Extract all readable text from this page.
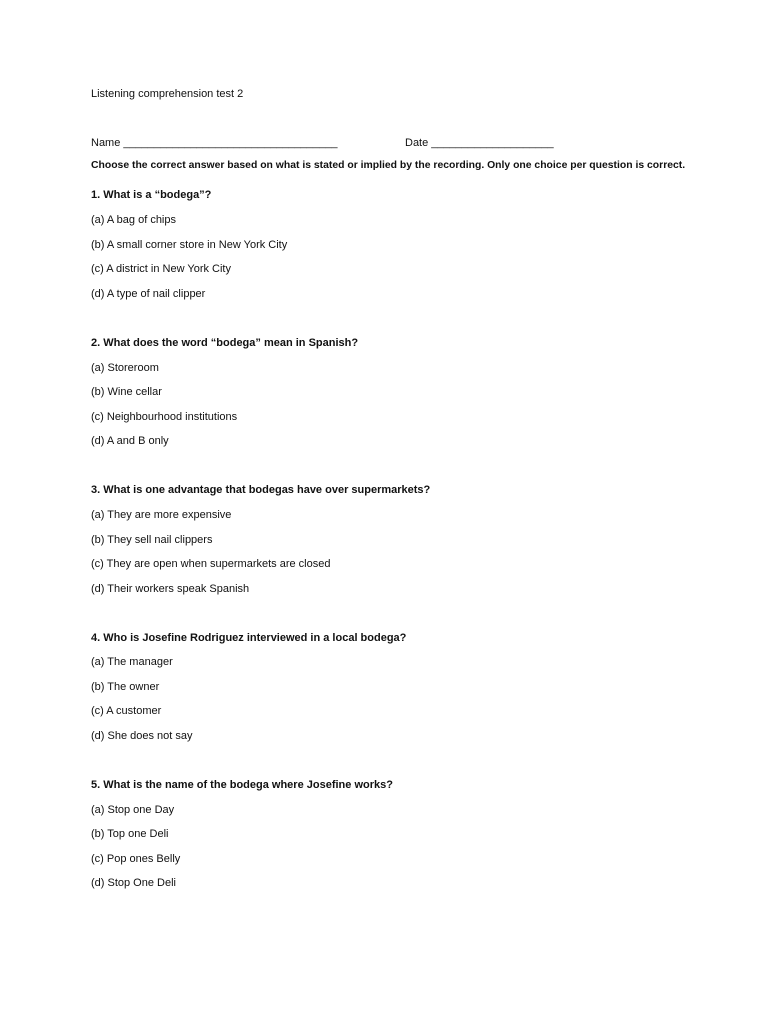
Listening comprehension test 2
Name ___________________________________	Date ____________________
Choose the correct answer based on what is stated or implied by the recording. Only one choice per question is correct.
1. What is a “bodega”?
(a) A bag of chips
(b) A small corner store in New York City
(c) A district in New York City
(d) A type of nail clipper
2. What does the word “bodega” mean in Spanish?
(a) Storeroom
(b) Wine cellar
(c) Neighbourhood institutions
(d) A and B only
3. What is one advantage that bodegas have over supermarkets?
(a) They are more expensive
(b) They sell nail clippers
(c) They are open when supermarkets are closed
(d) Their workers speak Spanish
4. Who is Josefine Rodriguez interviewed in a local bodega?
(a) The manager
(b) The owner
(c) A customer
(d) She does not say
5. What is the name of the bodega where Josefine works?
(a) Stop one Day
(b) Top one Deli
(c) Pop ones Belly
(d) Stop One Deli
